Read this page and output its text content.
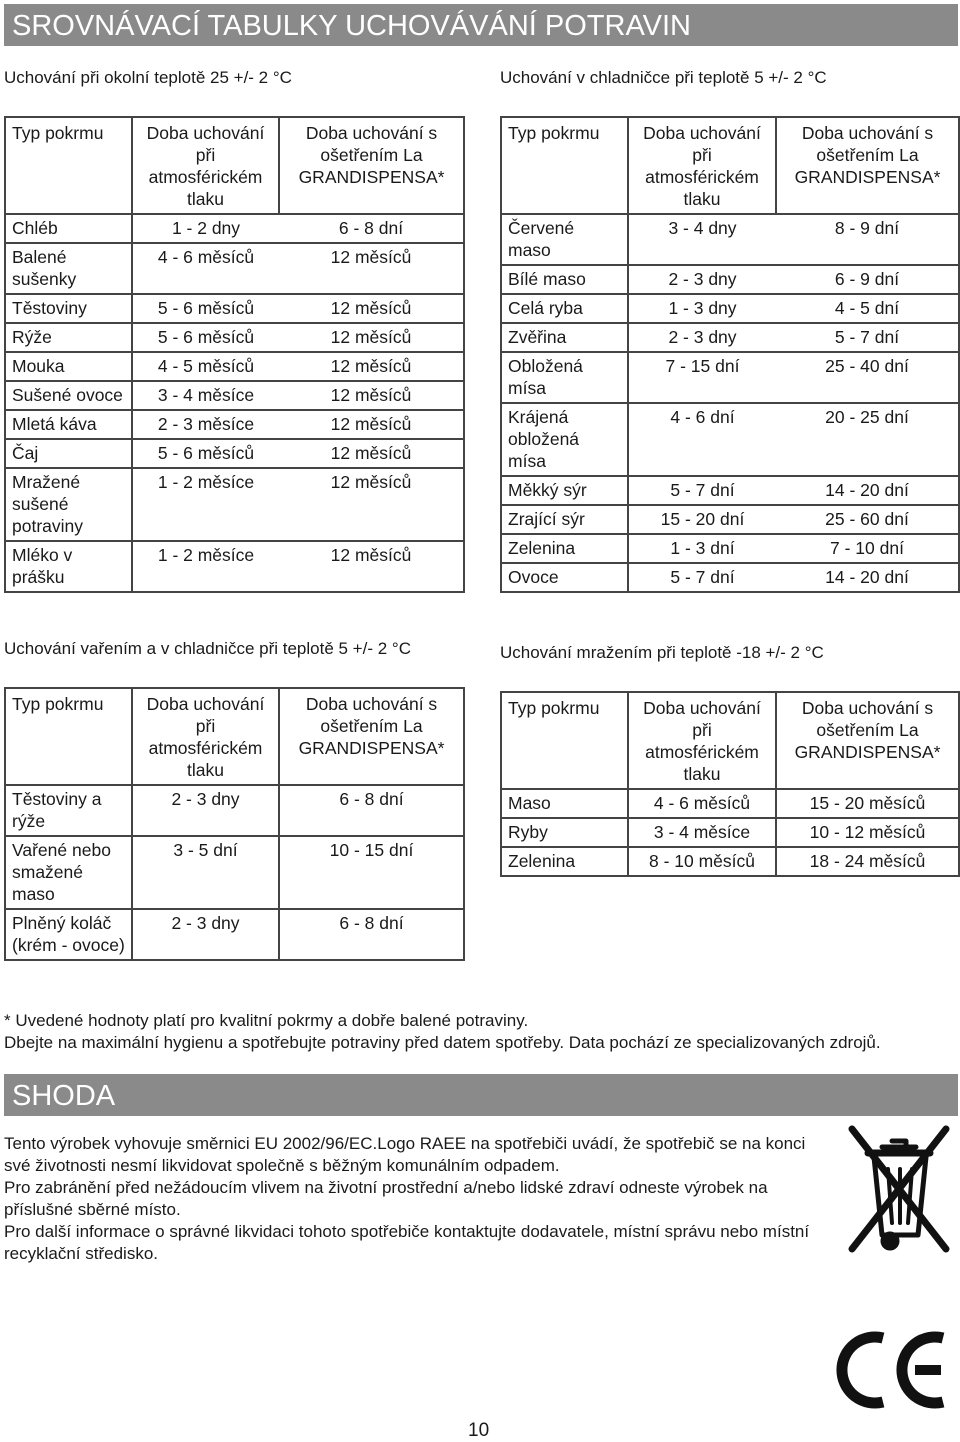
SROVNÁVACÍ TABULKY UCHOVÁVÁNÍ POTRAVIN
Uchování při okolní teplotě 25 +/- 2 °C	Uchování v chladničce při teplotě 5 +/- 2 °C
Typ pokrmu	Doba uchování při atmosférickém tlaku	Doba uchování s ošetřením La GRANDISPENSA*
Chléb	1 - 2 dny	6 - 8 dní
Balené sušenky	4 - 6 měsíců	12 měsíců
Těstoviny	5 - 6 měsíců	12 měsíců
Rýže	5 - 6 měsíců	12 měsíců
Mouka	4 - 5 měsíců	12 měsíců
Sušené ovoce	3 - 4 měsíce	12 měsíců
Mletá káva	2 - 3 měsíce	12 měsíců
Čaj	5 - 6 měsíců	12 měsíců
Mražené sušené potraviny	1 - 2 měsíce	12 měsíců
Mléko v prášku	1 - 2 měsíce	12 měsíců
Typ pokrmu	Doba uchování při atmosférickém tlaku	Doba uchování s ošetřením La GRANDISPENSA*
Červené maso	3 - 4 dny	8 - 9 dní
Bílé maso	2 - 3 dny	6 - 9 dní
Celá ryba	1 - 3 dny	4 - 5 dní
Zvěřina	2 - 3 dny	5 - 7 dní
Obložená mísa	7 - 15 dní	25 - 40 dní
Krájená obložená mísa	4 - 6 dní	20 - 25 dní
Měkký sýr	5 - 7 dní	14 - 20 dní
Zrající sýr	15 - 20 dní	25 - 60 dní
Zelenina	1 - 3 dní	7 - 10 dní
Ovoce	5 - 7 dní	14 - 20 dní
Uchování vařením a v chladničce při teplotě 5 +/- 2 °C	Uchování mražením při teplotě -18 +/- 2 °C
Typ pokrmu	Doba uchování při atmosférickém tlaku	Doba uchování s ošetřením La GRANDISPENSA*
Těstoviny a rýže	2 - 3 dny	6 - 8 dní
Vařené nebo smažené maso	3 - 5 dní	10 - 15 dní
Plněný koláč (krém - ovoce)	2 - 3 dny	6 - 8 dní
Typ pokrmu	Doba uchování při atmosférickém tlaku	Doba uchování s ošetřením La GRANDISPENSA*
Maso	4 - 6 měsíců	15 - 20 měsíců
Ryby	3 - 4 měsíce	10 - 12 měsíců
Zelenina	8 - 10 měsíců	18 - 24 měsíců
* Uvedené hodnoty platí pro kvalitní pokrmy a dobře balené potraviny.
Dbejte na maximální hygienu a spotřebujte potraviny před datem spotřeby. Data pochází ze specializovaných zdrojů.
SHODA
Tento výrobek vyhovuje směrnici EU 2002/96/EC.Logo RAEE na spotřebiči uvádí, že spotřebič se na konci své životnosti nesmí likvidovat společně s běžným komunálním odpadem.
Pro zabránění před nežádoucím vlivem na životní prostřední a/nebo lidské zdraví odneste výrobek na příslušné sběrné místo.
Pro další informace o správné likvidaci tohoto spotřebiče kontaktujte dodavatele, místní správu nebo místní recyklační středisko.
10
